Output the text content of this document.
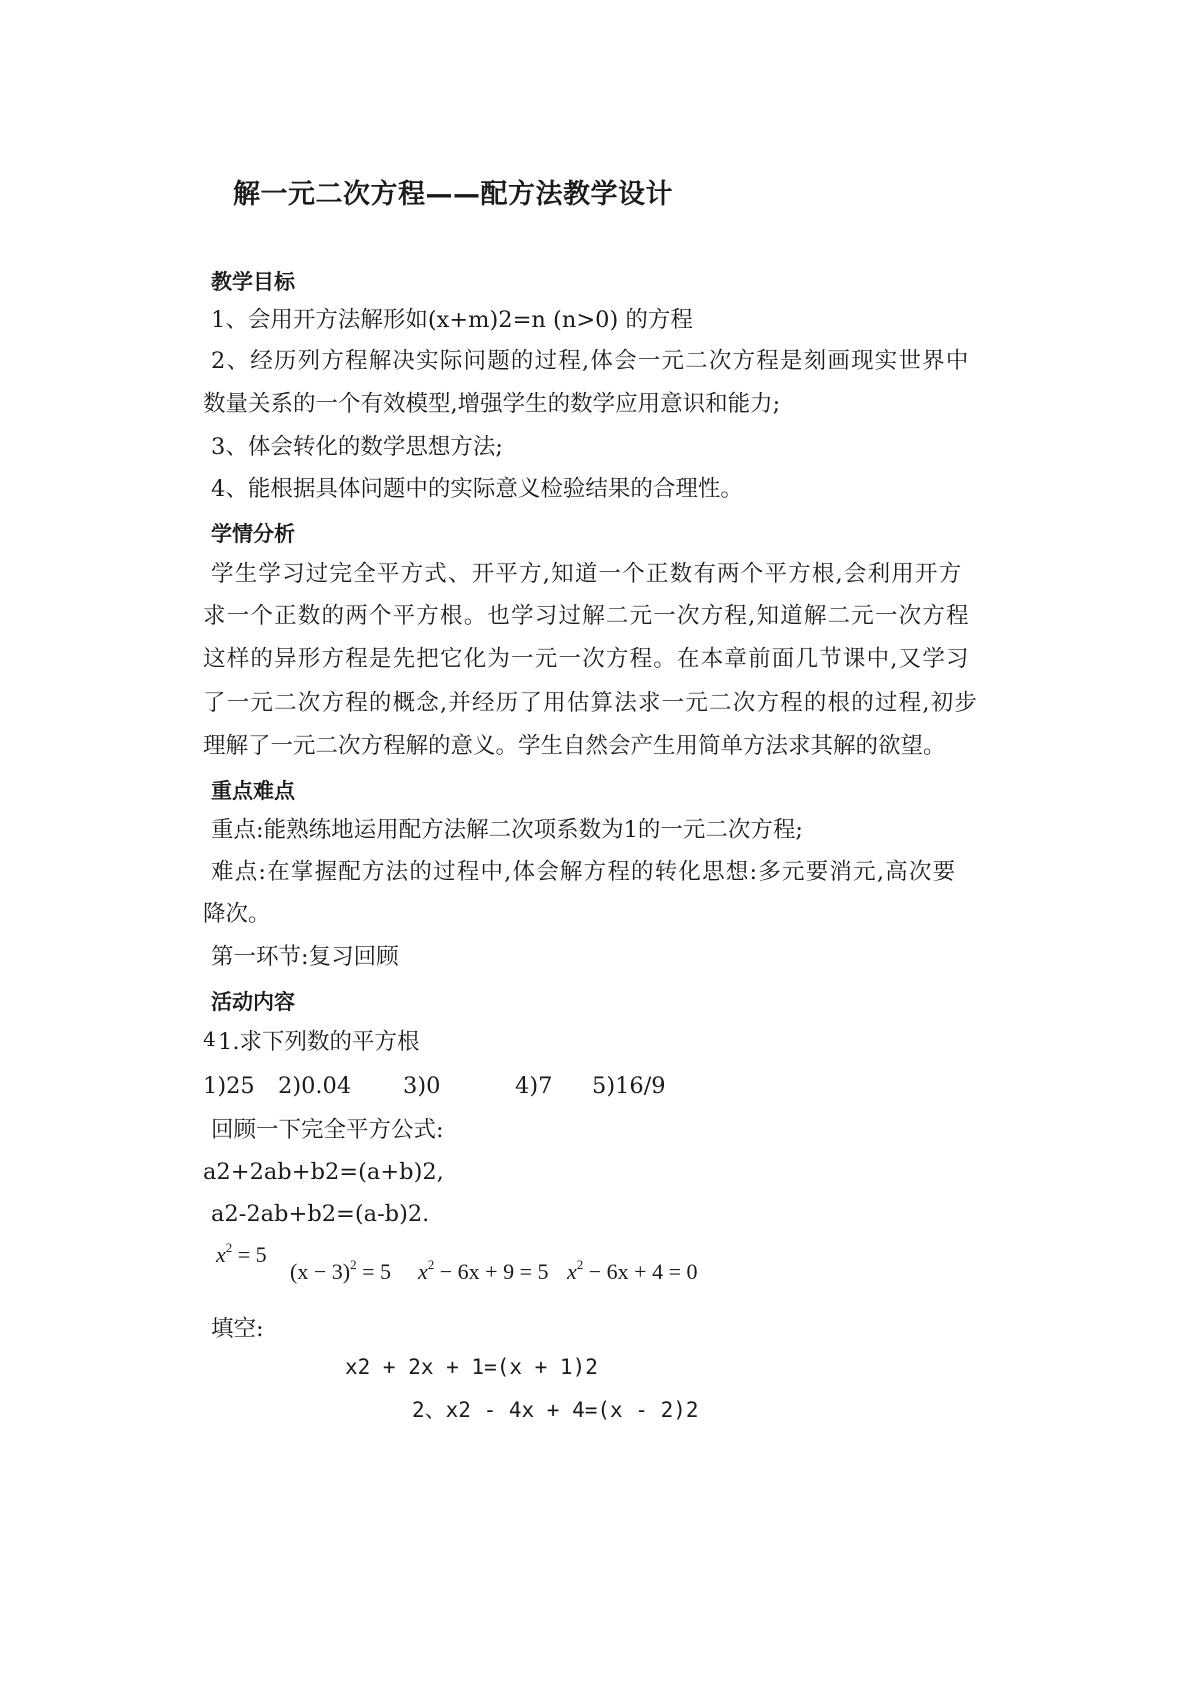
解一元二次方程——配方法教学设计
教学目标
1、会用开方法解形如(x+m)2=n (n>0) 的方程
2、经历列方程解决实际问题的过程,体会一元二次方程是刻画现实世界中
数量关系的一个有效模型,增强学生的数学应用意识和能力;
3、体会转化的数学思想方法;
4、能根据具体问题中的实际意义检验结果的合理性。
学情分析
学生学习过完全平方式、开平方,知道一个正数有两个平方根,会利用开方
求一个正数的两个平方根。也学习过解二元一次方程,知道解二元一次方程
这样的异形方程是先把它化为一元一次方程。在本章前面几节课中,又学习
了一元二次方程的概念,并经历了用估算法求一元二次方程的根的过程,初步
理解了一元二次方程解的意义。学生自然会产生用简单方法求其解的欲望。
重点难点
重点:能熟练地运用配方法解二次项系数为1的一元二次方程;
难点:在掌握配方法的过程中,体会解方程的转化思想:多元要消元,高次要
降次。
第一环节:复习回顾
活动内容
4 1.求下列数的平方根
1)25 2)0.04 3)0	4)7 5)16/9
回顾一下完全平方公式:
a2+2ab+b2=(a+b)2,
a2-2ab+b2=(a-b)2.
$x^2 = 5$
$(x - 3)^2 = 5$ $x^2 - 6x + 9 = 5$ $x^2 - 6x + 4 = 0$
填空:
x2 + 2x + 1=(x + 1)2
2、x2 - 4x + 4=(x - 2)2
